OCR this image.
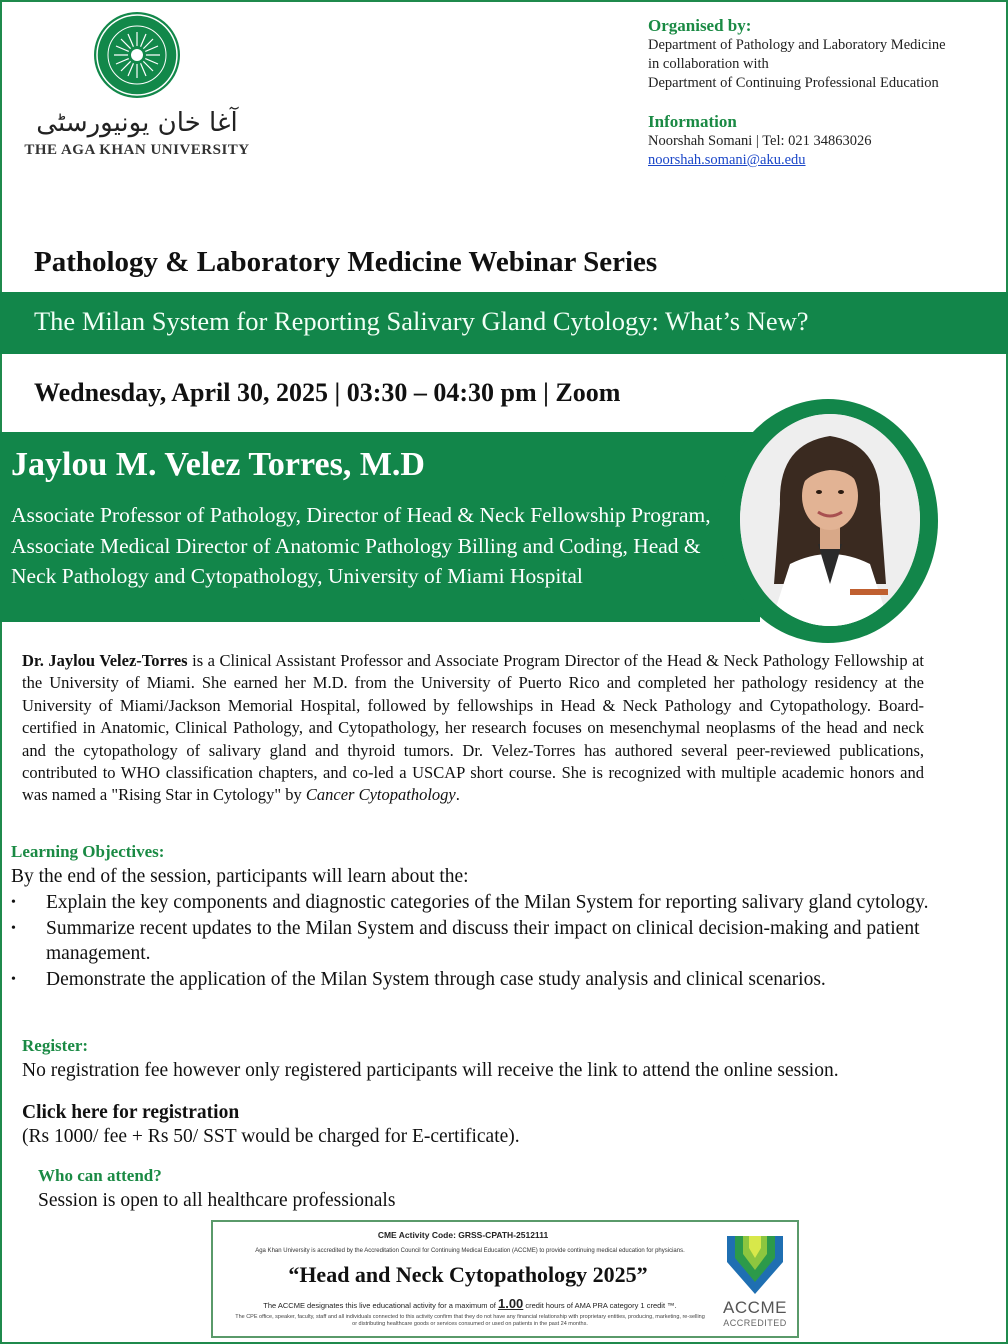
آغا خان یونیورسٹی
THE AGA KHAN UNIVERSITY
Organised by:
Department of Pathology and Laboratory Medicine
in collaboration with
Department of Continuing Professional Education
Information
Noorshah Somani | Tel: 021 34863026
noorshah.somani@aku.edu
Pathology & Laboratory Medicine Webinar Series
The Milan System for Reporting Salivary Gland Cytology: What’s New?
Wednesday, April 30, 2025 | 03:30 – 04:30 pm | Zoom
Jaylou M. Velez Torres, M.D
Associate Professor of Pathology, Director of Head & Neck Fellowship Program, Associate Medical Director of Anatomic Pathology Billing and Coding, Head & Neck Pathology and Cytopathology, University of Miami Hospital
Dr. Jaylou Velez-Torres is a Clinical Assistant Professor and Associate Program Director of the Head & Neck Pathology Fellowship at the University of Miami. She earned her M.D. from the University of Puerto Rico and completed her pathology residency at the University of Miami/Jackson Memorial Hospital, followed by fellowships in Head & Neck Pathology and Cytopathology. Board-certified in Anatomic, Clinical Pathology, and Cytopathology, her research focuses on mesenchymal neoplasms of the head and neck and the cytopathology of salivary gland and thyroid tumors. Dr. Velez-Torres has authored several peer-reviewed publications, contributed to WHO classification chapters, and co-led a USCAP short course. She is recognized with multiple academic honors and was named a "Rising Star in Cytology" by Cancer Cytopathology.
Learning Objectives:
By the end of the session, participants will learn about the:
• Explain the key components and diagnostic categories of the Milan System for reporting salivary gland cytology.
• Summarize recent updates to the Milan System and discuss their impact on clinical decision-making and patient management.
• Demonstrate the application of the Milan System through case study analysis and clinical scenarios.
Register:
No registration fee however only registered participants will receive the link to attend the online session.
Click here for registration
(Rs 1000/ fee + Rs 50/ SST would be charged for E-certificate).
Who can attend?
Session is open to all healthcare professionals
CME Activity Code: GRSS-CPATH-2512111
Aga Khan University is accredited by the Accreditation Council for Continuing Medical Education (ACCME) to provide continuing medical education for physicians.
“Head and Neck Cytopathology 2025”
The ACCME designates this live educational activity for a maximum of 1.00 credit hours of AMA PRA category 1 credit ™.
The CPE office, speaker, faculty, staff and all individuals connected to this activity confirm that they do not have any financial relationship with proprietary entities, producing, marketing, re-selling or distributing healthcare goods or services consumed or used on patients in the past 24 months.
ACCME
ACCREDITED
